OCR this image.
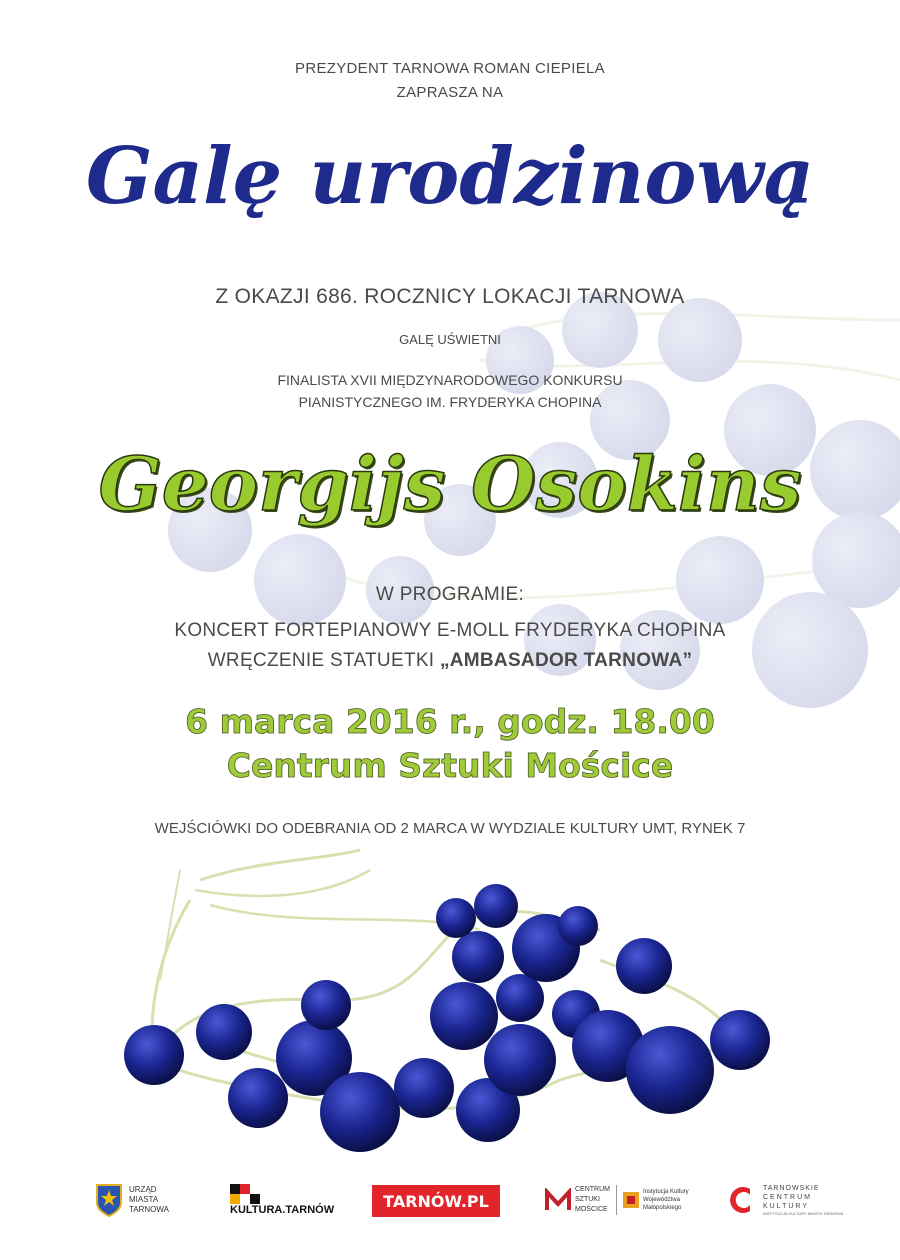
PREZYDENT TARNOWA ROMAN CIEPIELA
ZAPRASZA NA
Galę urodzinową
Z OKAZJI 686. ROCZNICY LOKACJI TARNOWA
GALĘ UŚWIETNI
FINALISTA XVII MIĘDZYNARODOWEGO KONKURSU
PIANISTYCZNEGO IM. FRYDERYKA CHOPINA
Georgijs Osokins
W PROGRAMIE:
KONCERT FORTEPIANOWY E-MOLL FRYDERYKA CHOPINA
WRĘCZENIE STATUETKI „AMBASADOR TARNOWA”
6 marca 2016 r., godz. 18.00
Centrum Sztuki Mościce
WEJŚCIÓWKI DO ODEBRANIA OD 2 MARCA W WYDZIALE KULTURY UMT, RYNEK 7
URZĄD
MIASTA
TARNOWA	KULTURA.TARNÓW	TARNÓW.PL
CENTRUM
SZTUKI
MOŚCICE
Instytucja Kultury
Województwa
Małopolskiego
TARNOWSKIE
CENTRUM
KULTURY
INSTYTUCJA KULTURY MIASTA TARNOWA
